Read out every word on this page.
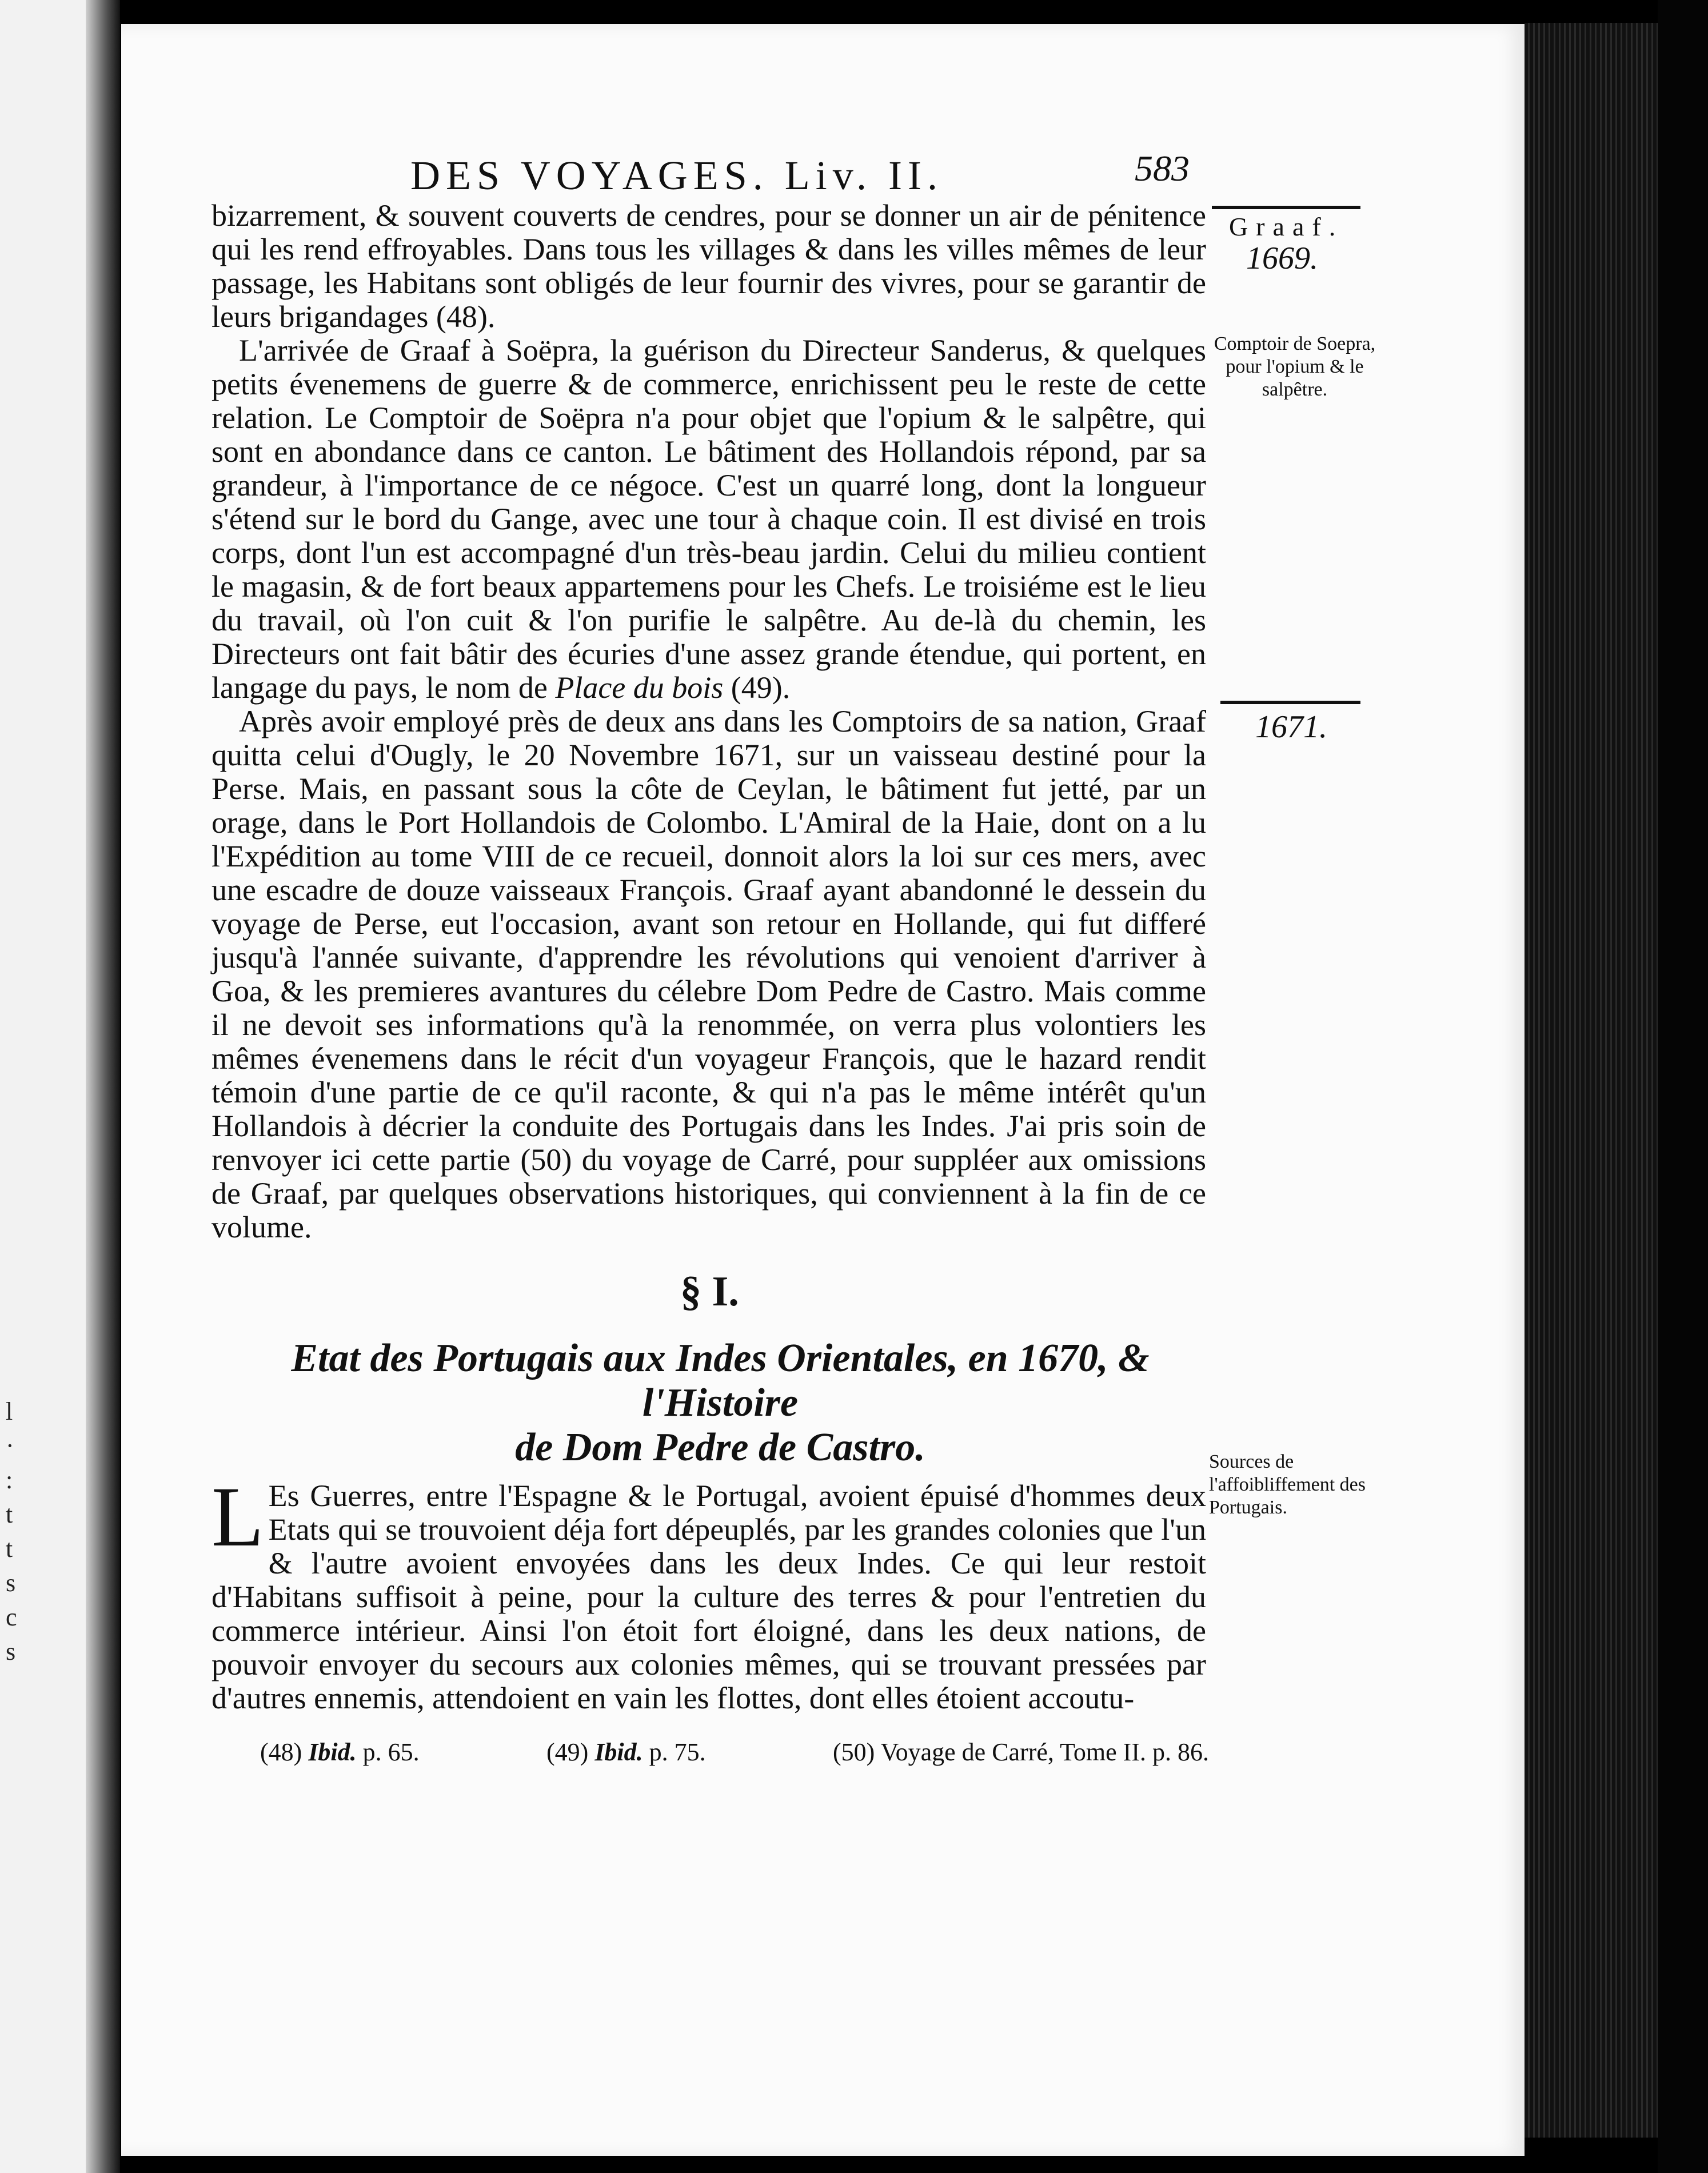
l
·
:
t
t
s
c
s
DES VOYAGES. Liv. II.	583
Graaf.
1669.
Comptoir de Soepra, pour l'opium & le salpêtre.
1671.
Sources de l'affoibliffement des Portugais.

bizarrement, & souvent couverts de cendres, pour se donner un air de pénitence qui les rend effroyables. Dans tous les villages & dans les villes mêmes de leur passage, les Habitans sont obligés de leur fournir des vivres, pour se garantir de leurs brigandages (48).

L'arrivée de Graaf à Soëpra, la guérison du Directeur Sanderus, & quelques petits évenemens de guerre & de commerce, enrichissent peu le reste de cette relation. Le Comptoir de Soëpra n'a pour objet que l'opium & le salpêtre, qui sont en abondance dans ce canton. Le bâtiment des Hollandois répond, par sa grandeur, à l'importance de ce négoce. C'est un quarré long, dont la longueur s'étend sur le bord du Gange, avec une tour à chaque coin. Il est divisé en trois corps, dont l'un est accompagné d'un très-beau jardin. Celui du milieu contient le magasin, & de fort beaux appartemens pour les Chefs. Le troisiéme est le lieu du travail, où l'on cuit & l'on purifie le salpêtre. Au de-là du chemin, les Directeurs ont fait bâtir des écuries d'une assez grande étendue, qui portent, en langage du pays, le nom de Place du bois (49).

Après avoir employé près de deux ans dans les Comptoirs de sa nation, Graaf quitta celui d'Ougly, le 20 Novembre 1671, sur un vaisseau destiné pour la Perse. Mais, en passant sous la côte de Ceylan, le bâtiment fut jetté, par un orage, dans le Port Hollandois de Colombo. L'Amiral de la Haie, dont on a lu l'Expédition au tome VIII de ce recueil, donnoit alors la loi sur ces mers, avec une escadre de douze vaisseaux François. Graaf ayant abandonné le dessein du voyage de Perse, eut l'occasion, avant son retour en Hollande, qui fut differé jusqu'à l'année suivante, d'apprendre les révolutions qui venoient d'arriver à Goa, & les premieres avantures du célebre Dom Pedre de Castro. Mais comme il ne devoit ses informations qu'à la renommée, on verra plus volontiers les mêmes évenemens dans le récit d'un voyageur François, que le hazard rendit témoin d'une partie de ce qu'il raconte, & qui n'a pas le même intérêt qu'un Hollandois à décrier la conduite des Portugais dans les Indes. J'ai pris soin de renvoyer ici cette partie (50) du voyage de Carré, pour suppléer aux omissions de Graaf, par quelques observations historiques, qui conviennent à la fin de ce volume.

§ I.
Etat des Portugais aux Indes Orientales, en 1670, & l'Histoire
de Dom Pedre de Castro.

L Es Guerres, entre l'Espagne & le Portugal, avoient épuisé d'hommes deux Etats qui se trouvoient déja fort dépeuplés, par les grandes colonies que l'un & l'autre avoient envoyées dans les deux Indes. Ce qui leur restoit d'Habitans suffisoit à peine, pour la culture des terres & pour l'entretien du commerce intérieur. Ainsi l'on étoit fort éloigné, dans les deux nations, de pouvoir envoyer du secours aux colonies mêmes, qui se trouvant pressées par d'autres ennemis, attendoient en vain les flottes, dont elles étoient accoutu-

(48) Ibid. p. 65.	(49) Ibid. p. 75.	(50) Voyage de Carré, Tome II. p. 86.
